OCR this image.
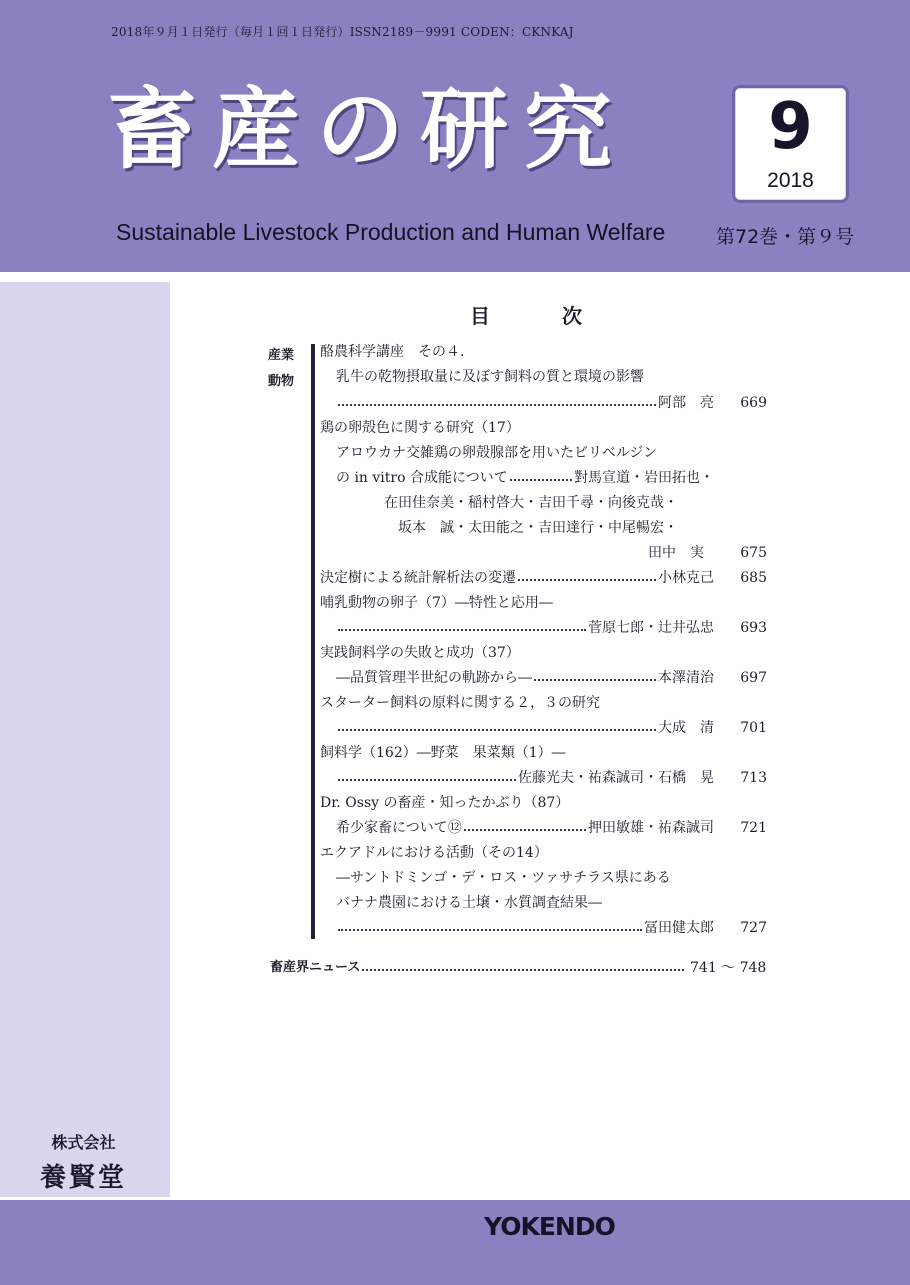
2018年９月１日発行（毎月１回１日発行）ISSN2189－9991 CODEN：CKNKAJ
畜産の研究
Sustainable Livestock Production and Human Welfare
9
2018
第72巻・第９号
株式会社
養賢堂
YOKENDO
目　次
産業
動物
酪農科学講座　その４.
乳牛の乾物摂取量に及ぼす飼料の質と環境の影響
阿部　亮 669
鶏の卵殻色に関する研究（17）
アロウカナ交雑鶏の卵殻腺部を用いたビリベルジン
の in vitro 合成能について	對馬宣道・岩田拓也・
在田佳奈美・稲村啓大・吉田千尋・向後克哉・
坂本　誠・太田能之・吉田達行・中尾暢宏・
田中　実	675
決定樹による統計解析法の変遷	小林克己 685
哺乳動物の卵子（7）―特性と応用―
菅原七郎・辻井弘忠 693
実践飼料学の失敗と成功（37）
―品質管理半世紀の軌跡から―	本澤清治 697
スターター飼料の原料に関する２，３の研究
大成　清 701
飼料学（162）―野菜　果菜類（1）―
佐藤光夫・祐森誠司・石橋　晃 713
Dr. Ossy の畜産・知ったかぶり（87）
希少家畜について⑫	押田敏雄・祐森誠司 721
エクアドルにおける活動（その14）
―サントドミンゴ・デ・ロス・ツァサチラス県にある
バナナ農園における土壌・水質調査結果―
冨田健太郎 727
畜産界ニュース	741 ～ 748
